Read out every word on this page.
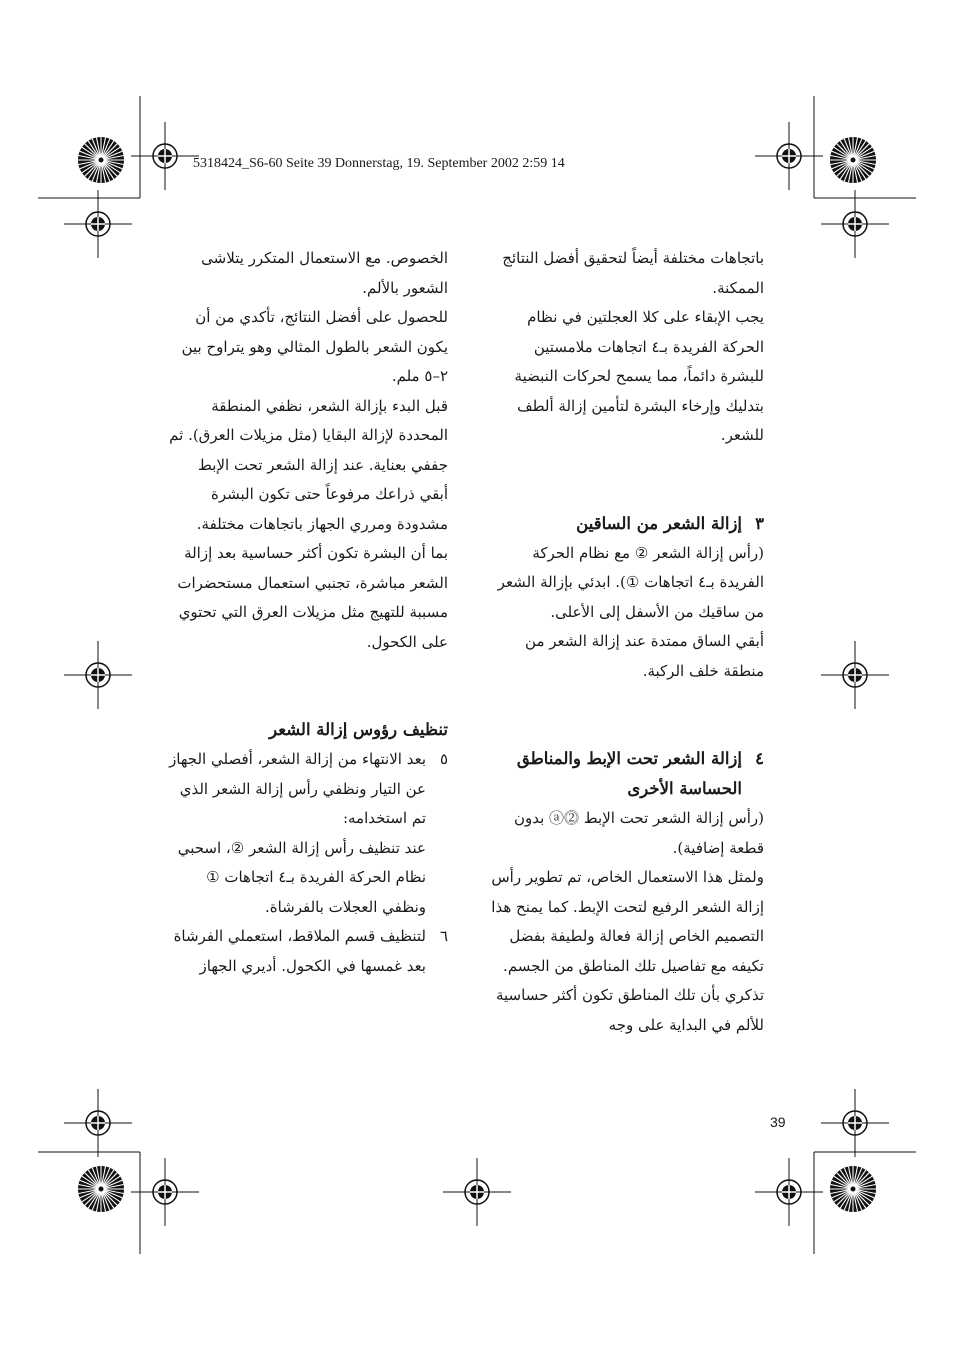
5318424_S6-60 Seite 39 Donnerstag, 19. September 2002 2:59 14

باتجاهات مختلفة أيضاً لتحقيق أفضل النتائج الممكنة.

يجب الإبقاء على كلا العجلتين في نظام الحركة الفريدة بـ٤ اتجاهات ملامستين للبشرة دائماً، مما يسمح لحركات النبضية بتدليك وإرخاء البشرة لتأمين إزالة ألطف للشعر.

٣إزالة الشعر من الساقين

(رأس إزالة الشعر ② مع نظام الحركة الفريدة بـ٤ اتجاهات ①). ابدئي بإزالة الشعر من ساقيك من الأسفل إلى الأعلى.

أبقي الساق ممتدة عند إزالة الشعر من منطقة خلف الركبة.

٤إزالة الشعر تحت الإبط والمناطق الحساسة الأخرى

(رأس إزالة الشعر تحت الإبط ⓶ⓐ بدون قطعة إضافية).

ولمثل هذا الاستعمال الخاص، تم تطوير رأس إزالة الشعر الرفيع لتحت الإبط. كما يمنح هذا التصميم الخاص إزالة فعالة ولطيفة بفضل تكيفه مع تفاصيل تلك المناطق من الجسم.

تذكري بأن تلك المناطق تكون أكثر حساسية للألم في البداية على وجه

الخصوص. مع الاستعمال المتكرر يتلاشى الشعور بالألم.

للحصول على أفضل النتائج، تأكدي من أن يكون الشعر بالطول المثالي وهو يتراوح بين ٢–٥ ملم.

قبل البدء بإزالة الشعر، نظفي المنطقة المحددة لإزالة البقايا (مثل مزيلات العرق). ثم جففي بعناية. عند إزالة الشعر تحت الإبط أبقي ذراعك مرفوعاً حتى تكون البشرة مشدودة ومرري الجهاز باتجاهات مختلفة.

بما أن البشرة تكون أكثر حساسية بعد إزالة الشعر مباشرة، تجنبي استعمال مستحضرات مسببة للتهيج مثل مزيلات العرق التي تحتوي على الكحول.

تنظيف رؤوس إزالة الشعر

٥بعد الانتهاء من إزالة الشعر، أفصلي الجهاز عن التيار ونظفي رأس إزالة الشعر الذي تم استخدامه:

عند تنظيف رأس إزالة الشعر ②، اسحبي نظام الحركة الفريدة بـ٤ اتجاهات ① ونظفي العجلات بالفرشاة.

٦لتنظيف قسم الملاقط، استعملي الفرشاة بعد غمسها في الكحول. أديري الجهاز

39
